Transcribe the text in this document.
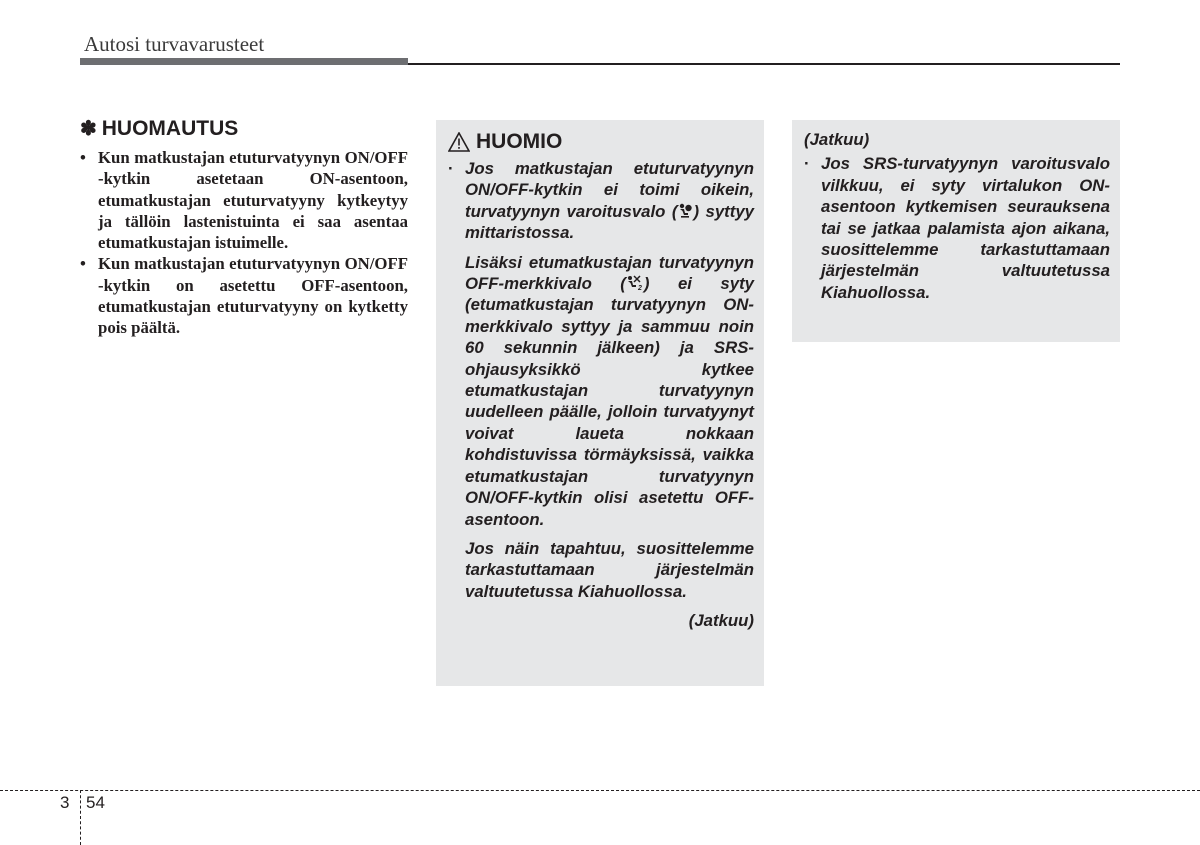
Autosi turvavarusteet
✽ HUOMAUTUS
• Kun matkustajan etuturvatyynyn ON/OFF -kytkin asetetaan ON-asentoon, etumatkustajan etuturvatyyny kytkeytyy ja tällöin lastenistuinta ei saa asentaa etumatkustajan istuimelle.
• Kun matkustajan etuturvatyynyn ON/OFF -kytkin on asetettu OFF-asentoon, etumatkustajan etuturvatyyny on kytketty pois päältä.
HUOMIO
· Jos matkustajan etuturvatyynyn ON/OFF-kytkin ei toimi oikein, turvatyynyn varoitusvalo ( ) syttyy mittaristossa.
Lisäksi etumatkustajan turvatyynyn OFF-merkkivalo ( 2 ) ei syty (etumatkustajan turvatyynyn ON-merkkivalo syttyy ja sammuu noin 60 sekunnin jälkeen) ja SRS-ohjausyksikkö kytkee etumatkustajan turvatyynyn uudelleen päälle, jolloin turvatyynyt voivat laueta nokkaan kohdistuvissa törmäyksissä, vaikka etumatkustajan turvatyynyn ON/OFF-kytkin olisi asetettu OFF-asentoon.
Jos näin tapahtuu, suosittelemme tarkastuttamaan järjestelmän valtuutetussa Kiahuollossa.
(Jatkuu)
(Jatkuu)
· Jos SRS-turvatyynyn varoitusvalo vilkkuu, ei syty virtalukon ON-asentoon kytkemisen seurauksena tai se jatkaa palamista ajon aikana, suosittelemme tarkastuttamaan järjestelmän valtuutetussa Kiahuollossa.
3 54
